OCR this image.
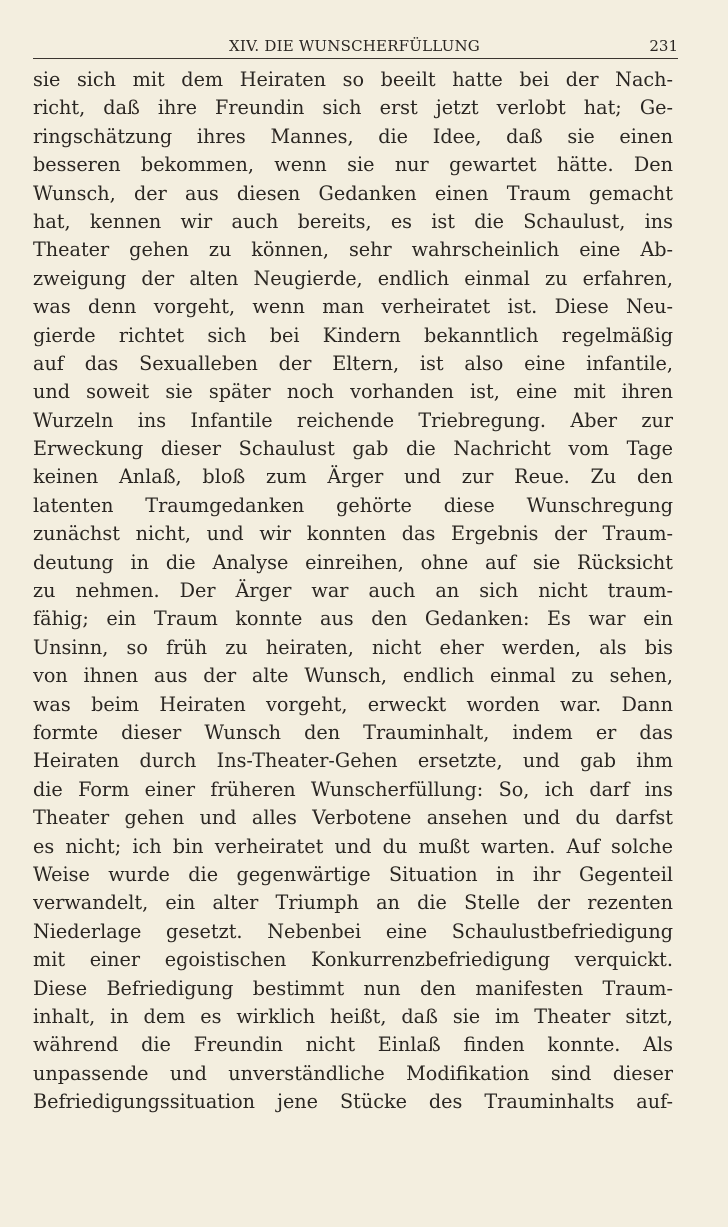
XIV. DIE WUNSCHERFÜLLUNG	231
sie sich mit dem Heiraten so beeilt hatte bei der Nach-
richt, daß ihre Freundin sich erst jetzt verlobt hat; Ge-
ringschätzung ihres Mannes, die Idee, daß sie einen
besseren bekommen, wenn sie nur gewartet hätte. Den
Wunsch, der aus diesen Gedanken einen Traum gemacht
hat, kennen wir auch bereits, es ist die Schaulust, ins
Theater gehen zu können, sehr wahrscheinlich eine Ab-
zweigung der alten Neugierde, endlich einmal zu erfahren,
was denn vorgeht, wenn man verheiratet ist. Diese Neu-
gierde richtet sich bei Kindern bekanntlich regelmäßig
auf das Sexualleben der Eltern, ist also eine infantile,
und soweit sie später noch vorhanden ist, eine mit ihren
Wurzeln ins Infantile reichende Triebregung. Aber zur
Erweckung dieser Schaulust gab die Nachricht vom Tage
keinen Anlaß, bloß zum Ärger und zur Reue. Zu den
latenten Traumgedanken gehörte diese Wunschregung
zunächst nicht, und wir konnten das Ergebnis der Traum-
deutung in die Analyse einreihen, ohne auf sie Rücksicht
zu nehmen. Der Ärger war auch an sich nicht traum-
fähig; ein Traum konnte aus den Gedanken: Es war ein
Unsinn, so früh zu heiraten, nicht eher werden, als bis
von ihnen aus der alte Wunsch, endlich einmal zu sehen,
was beim Heiraten vorgeht, erweckt worden war. Dann
formte dieser Wunsch den Trauminhalt, indem er das
Heiraten durch Ins-Theater-Gehen ersetzte, und gab ihm
die Form einer früheren Wunscherfüllung: So, ich darf ins
Theater gehen und alles Verbotene ansehen und du darfst
es nicht; ich bin verheiratet und du mußt warten. Auf solche
Weise wurde die gegenwärtige Situation in ihr Gegenteil
verwandelt, ein alter Triumph an die Stelle der rezenten
Niederlage gesetzt. Nebenbei eine Schaulustbefriedigung
mit einer egoistischen Konkurrenzbefriedigung verquickt.
Diese Befriedigung bestimmt nun den manifesten Traum-
inhalt, in dem es wirklich heißt, daß sie im Theater sitzt,
während die Freundin nicht Einlaß finden konnte. Als
unpassende und unverständliche Modifikation sind dieser
Befriedigungssituation jene Stücke des Trauminhalts auf-
